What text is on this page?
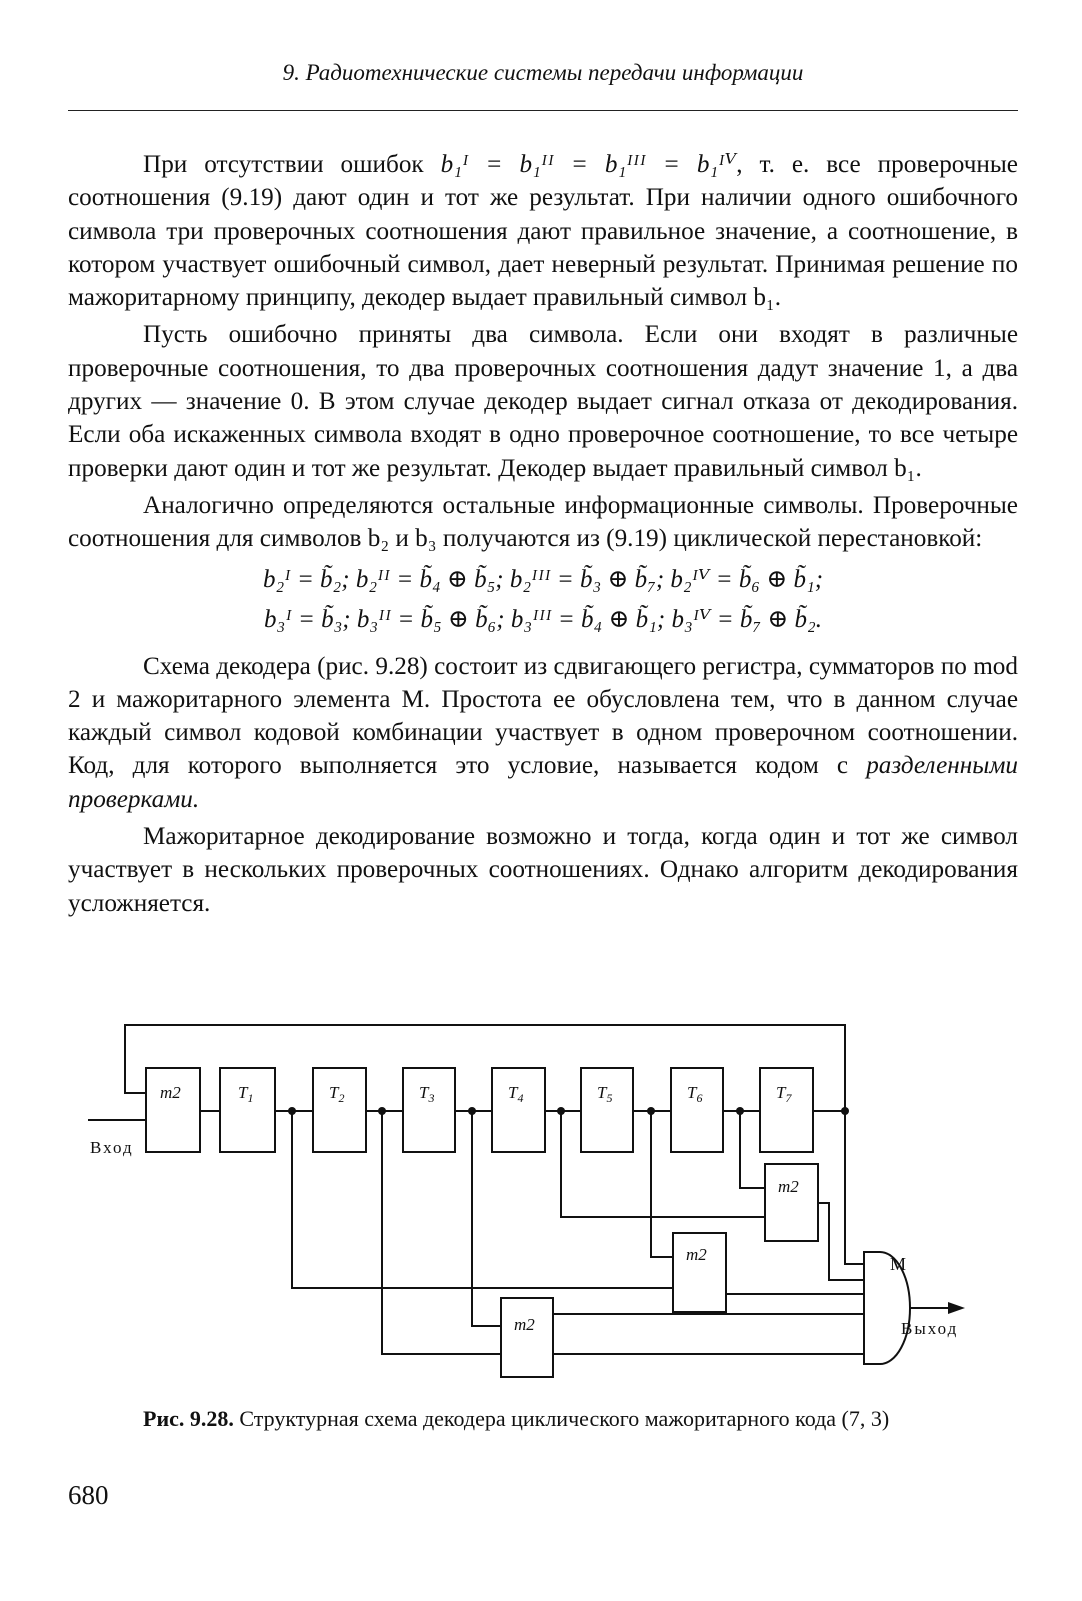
9. Радиотехнические системы передачи информации

При отсутствии ошибок b₁ᴵ = b₁ᴵᴵ = b₁ᴵᴵᴵ = b₁ᴵⱽ, т. е. все проверочные соотношения (9.19) дают один и тот же результат. При наличии одного ошибочного символа три проверочных соотношения дают правильное значение, а соотношение, в котором участвует ошибочный символ, дает неверный результат. Принимая решение по мажоритарному принципу, декодер выдает правильный символ b₁.

Пусть ошибочно приняты два символа. Если они входят в различные проверочные соотношения, то два проверочных соотношения дадут значение 1, а два других — значение 0. В этом случае декодер выдает сигнал отказа от декодирования. Если оба искаженных символа входят в одно проверочное соотношение, то все четыре проверки дают один и тот же результат. Декодер выдает правильный символ b₁.

Аналогично определяются остальные информационные символы. Проверочные соотношения для символов b₂ и b₃ получаются из (9.19) циклической перестановкой:

b₂ᴵ = b̃₂; b₂ᴵᴵ = b̃₄ ⊕ b̃₅; b₂ᴵᴵᴵ = b̃₃ ⊕ b̃₇; b₂ᴵⱽ = b̃₆ ⊕ b̃₁;
b₃ᴵ = b̃₃; b₃ᴵᴵ = b̃₅ ⊕ b̃₆; b₃ᴵᴵᴵ = b̃₄ ⊕ b̃₁; b₃ᴵⱽ = b̃₇ ⊕ b̃₂.

Схема декодера (рис. 9.28) состоит из сдвигающего регистра, сумматоров по mod 2 и мажоритарного элемента М. Простота ее обусловлена тем, что в данном случае каждый символ кодовой комбинации участвует в одном проверочном соотношении. Код, для которого выполняется это условие, называется кодом с разделенными проверками.

Мажоритарное декодирование возможно и тогда, когда один и тот же символ участвует в нескольких проверочных соотношениях. Однако алгоритм декодирования усложняется.

m2	$T_1$	$T_2$	$T_3$	$T_4$	$T_5$	$T_6$	$T_7$
m2
m2
m2
Вход
Выход
М
Рис. 9.28. Структурная схема декодера циклического мажоритарного кода (7, 3)
680
